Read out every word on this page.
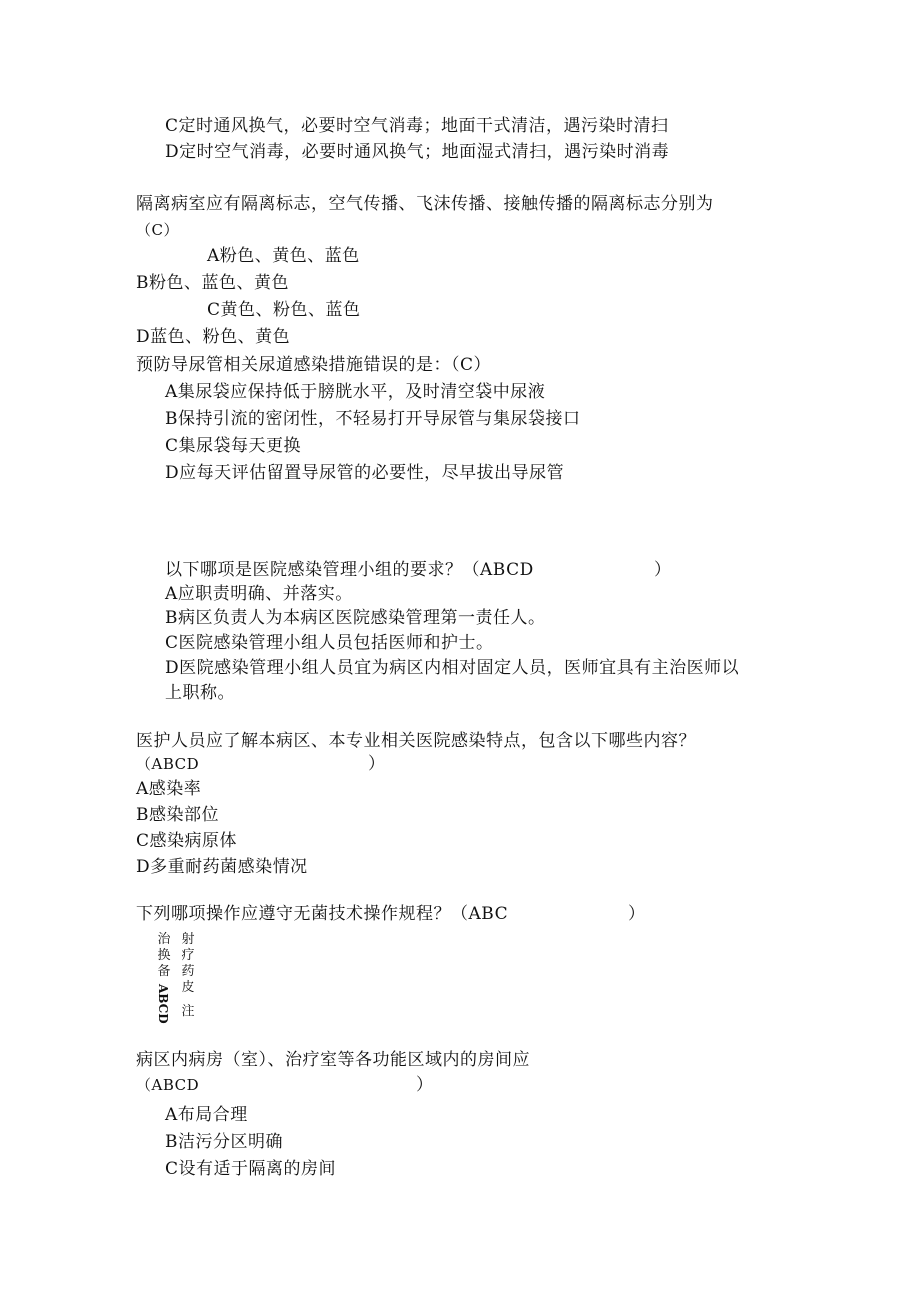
C定时通风换气，必要时空气消毒；地面干式清洁，遇污染时清扫
D定时空气消毒，必要时通风换气；地面湿式清扫，遇污染时消毒
隔离病室应有隔离标志，空气传播、飞沫传播、接触传播的隔离标志分别为
（C）
A粉色、黄色、蓝色
B粉色、蓝色、黄色
C黄色、粉色、蓝色
D蓝色、粉色、黄色
预防导尿管相关尿道感染措施错误的是：（C）
A集尿袋应保持低于膀胱水平，及时清空袋中尿液
B保持引流的密闭性，不轻易打开导尿管与集尿袋接口
C集尿袋每天更换
D应每天评估留置导尿管的必要性，尽早拔出导尿管
以下哪项是医院感染管理小组的要求？（ABCD	）
A应职责明确、并落实。
B病区负责人为本病区医院感染管理第一责任人。
C医院感染管理小组人员包括医师和护士。
D医院感染管理小组人员宜为病区内相对固定人员，医师宜具有主治医师以
上职称。
医护人员应了解本病区、本专业相关医院感染特点，包含以下哪些内容？
（ABCD	）
A感染率
B感染部位
C感染病原体
D多重耐药菌感染情况
下列哪项操作应遵守无菌技术操作规程？（ABC	）
治换备
ABCD
射疗药皮
注
病区内病房（室）、治疗室等各功能区域内的房间应
（ABCD	）
A布局合理
B洁污分区明确
C设有适于隔离的房间
